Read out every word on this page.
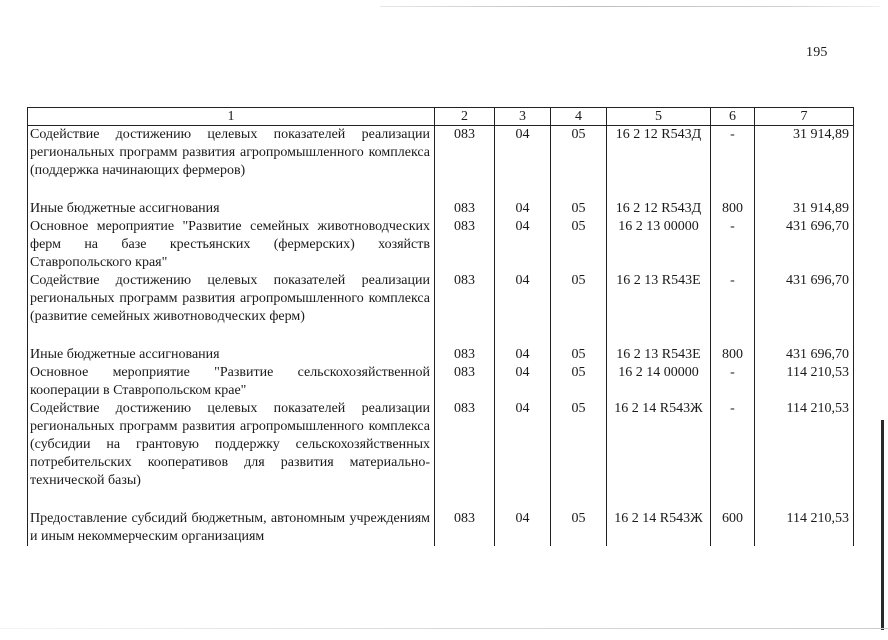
195
1	2	3	4	5	6	7
Содействие достижению целевых показателей реализации региональных программ развития агропромышленного комплекса (поддержка начинающих фермеров)	083	04	05	16 2 12 R543Д	-	31 914,89

Иные бюджетные ассигнования	083	04	05	16 2 12 R543Д	800	31 914,89
Основное мероприятие "Развитие семейных животноводческих ферм на базе крестьянских (фермерских) хозяйств Ставропольского края"	083	04	05	16 2 13 00000	-	431 696,70
Содействие достижению целевых показателей реализации региональных программ развития агропромышленного комплекса (развитие семейных животноводческих ферм)	083	04	05	16 2 13 R543Е	-	431 696,70

Иные бюджетные ассигнования	083	04	05	16 2 13 R543Е	800	431 696,70
Основное мероприятие "Развитие сельскохозяйственной кооперации в Ставропольском крае"	083	04	05	16 2 14 00000	-	114 210,53
Содействие достижению целевых показателей реализации региональных программ развития агропромышленного комплекса (субсидии на грантовую поддержку сельскохозяйственных потребительских кооперативов для развития материально-технической базы)	083	04	05	16 2 14 R543Ж	-	114 210,53

Предоставление субсидий бюджетным, автономным учреждениям и иным некоммерческим организациям	083	04	05	16 2 14 R543Ж	600	114 210,53
